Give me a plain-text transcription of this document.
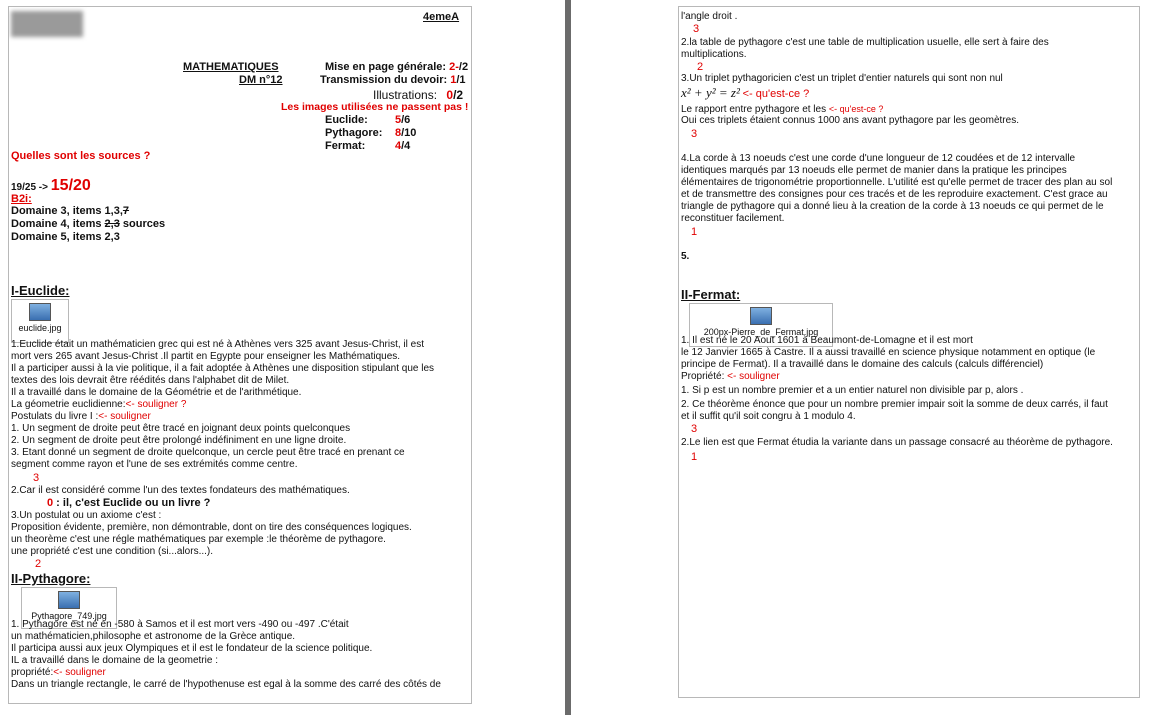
4emeA
MATHEMATIQUES
DM n°12
Mise en page générale: 2-/2
Transmission du devoir: 1/1
Illustrations: 0/2
Les images utilisées ne passent pas !
Euclide: 5/6
Pythagore: 8/10
Fermat:	4/4
Quelles sont les sources ?
19/25 -> 15/20
B2i:
Domaine 3, items 1,3,7
Domaine 4, items 2,3 sources
Domaine 5, items 2,3
I-Euclide:
euclide.jpg
1.Euclide était un mathématicien grec qui est né à Athènes vers 325 avant Jesus-Christ, il est
mort vers 265 avant Jesus-Christ .Il partit en Egypte pour enseigner les Mathématiques.
Il a participer aussi à la vie politique, il a fait adoptée à Athènes une disposition stipulant que les
textes des lois devrait être réédités dans l'alphabet dit de Milet.
Il a travaillé dans le domaine de la Géométrie et de l'arithmétique.
La géometrie euclidienne:<- souligner ?
Postulats du livre I :<- souligner
1. Un segment de droite peut être tracé en joignant deux points quelconques
2. Un segment de droite peut être prolongé indéfiniment en une ligne droite.
3. Etant donné un segment de droite quelconque, un cercle peut être tracé en prenant ce
segment comme rayon et l'une de ses extrémités comme centre.
3
2.Car il est considéré comme l'un des textes fondateurs des mathématiques.
0 : il, c'est Euclide ou un livre ?
3.Un postulat ou un axiome c'est :
Proposition évidente, première, non démontrable, dont on tire des conséquences logiques.
un theorème c'est une régle mathématiques par exemple :le théorème de pythagore.
une propriété c'est une condition (si...alors...).
2
II-Pythagore:
Pythagore_749.jpg
1. Pythagore est né en -580 à Samos et il est mort vers -490 ou -497 .C'était
un mathématicien,philosophe et astronome de la Grèce antique.
Il participa aussi aux jeux Olympiques et il est le fondateur de la science politique.
IL a travaillé dans le domaine de la geometrie :
propriété:<- souligner
Dans un triangle rectangle, le carré de l'hypothenuse est egal à la somme des carré des côtés de
l'angle droit .
3
2.la table de pythagore c'est une table de multiplication usuelle, elle sert à faire des
multiplications.
2
3.Un triplet pythagoricien c'est un triplet d'entier naturels qui sont non nul
x² + y² = z² <- qu'est-ce ?
Le rapport entre pythagore et les <- qu'est-ce ?
Oui ces triplets étaient connus 1000 ans avant pythagore par les geomètres.
3
4.La corde à 13 noeuds c'est une corde d'une longueur de 12 coudées et de 12 intervalle
identiques marqués par 13 noeuds elle permet de manier dans la pratique les principes
élémentaires de trigonométrie proportionnelle. L'utilité est qu'elle permet de tracer des plan au sol
et de transmettre des consignes pour ces tracés et de les reproduire exactement. C'est grace au
triangle de pythagore qui a donné lieu à la creation de la corde à 13 noeuds ce qui permet de le
reconstituer facilement.
1
5.
II-Fermat:
200px-Pierre_de_Fermat.jpg
1. Il est né le 20 Aout 1601 à Beaumont-de-Lomagne et il est mort
le 12 Janvier 1665 à Castre. Il a aussi travaillé en science physique notamment en optique (le
principe de Fermat). Il a travaillé dans le domaine des calculs (calculs différenciel)
Propriété: <- souligner
1. Si p est un nombre premier et a un entier naturel non divisible par p, alors .
2. Ce théorème énonce que pour un nombre premier impair soit la somme de deux carrés, il faut
et il suffit qu'il soit congru à 1 modulo 4.
3
2.Le lien est que Fermat étudia la variante dans un passage consacré au théorème de pythagore.
1
